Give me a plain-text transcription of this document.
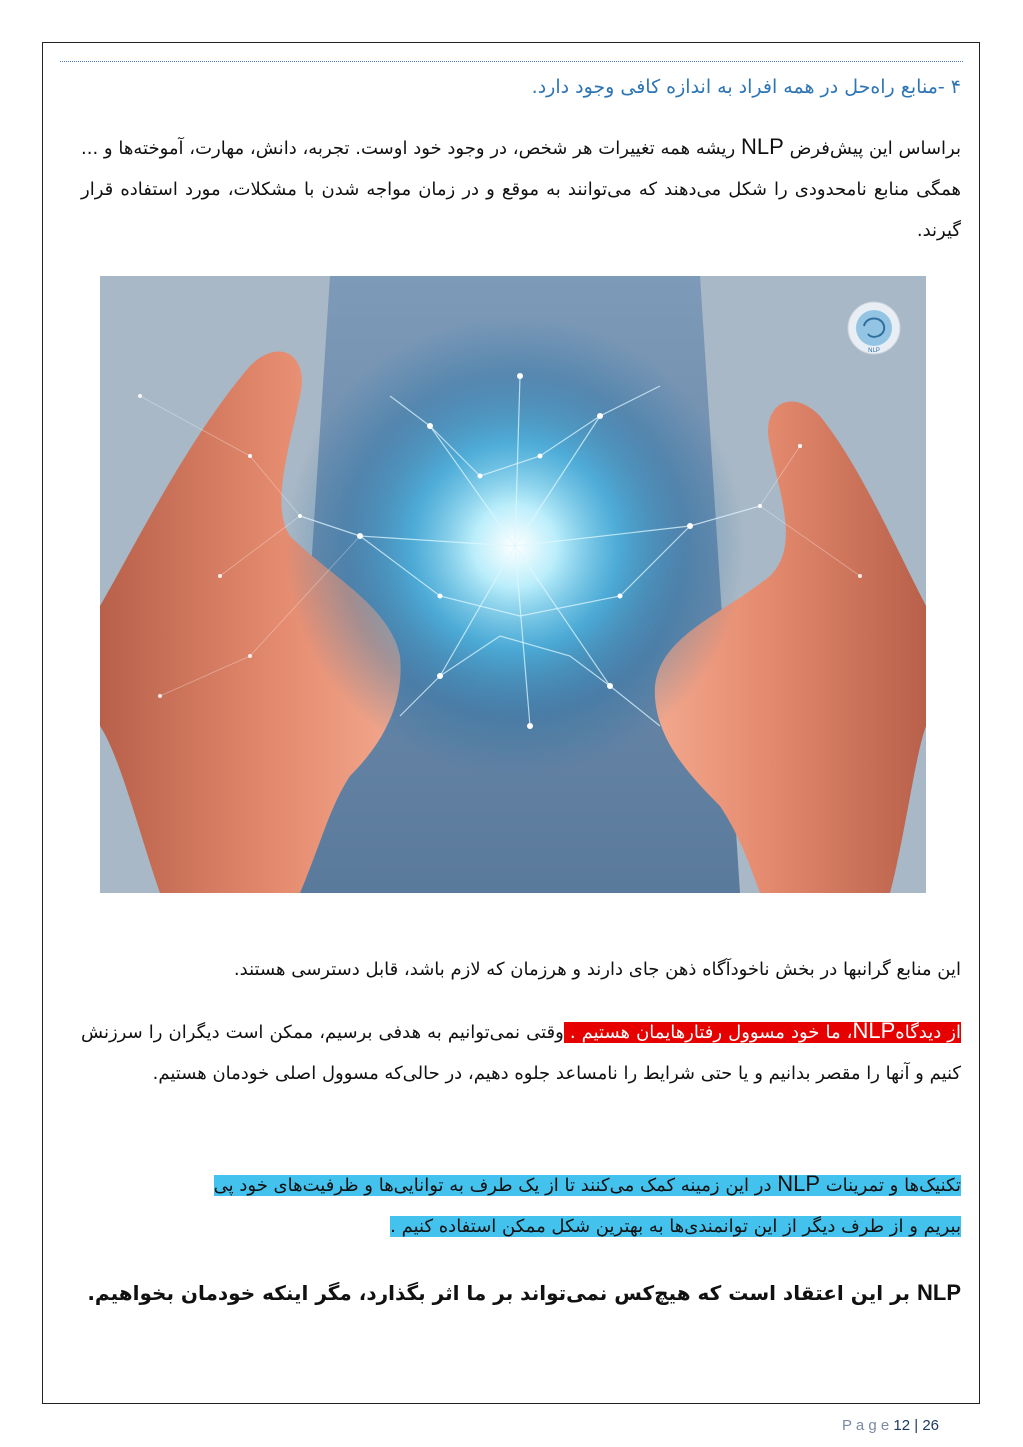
۴ -منابع راه‌حل در همه افراد به اندازه کافی وجود دارد.
براساس این پیش‌فرض NLP ریشه همه تغییرات هر شخص، در وجود خود اوست. تجربه، دانش، مهارت، آموخته‌ها و ... همگی منابع نامحدودی را شکل می‌دهند که می‌توانند به موقع و در زمان مواجه شدن با مشکلات، مورد استفاده قرار گیرند.
NLP
این منابع گرانبها در بخش ناخودآگاه ذهن جای دارند و هرزمان که لازم باشد، قابل دسترسی هستند.
از دیدگاهNLP، ما خود مسوول رفتارهایمان هستیم . وقتی نمی‌توانیم به هدفی برسیم، ممکن است دیگران را سرزنش کنیم و آنها را مقصر بدانیم و یا حتی شرایط را نامساعد جلوه دهیم، در حالی‌که مسوول اصلی خودمان هستیم.
تکنیک‌ها و تمرینات NLP در این زمینه کمک می‌کنند تا از یک طرف به توانایی‌ها و ظرفیت‌های خود پی
ببریم و از طرف دیگر از این توانمندی‌ها به بهترین شکل ممکن استفاده کنیم .
NLP بر این اعتقاد است که هیچ‌کس نمی‌تواند بر ما اثر بگذارد، مگر اینکه خودمان بخواهیم.
P a g e 12 | 26
